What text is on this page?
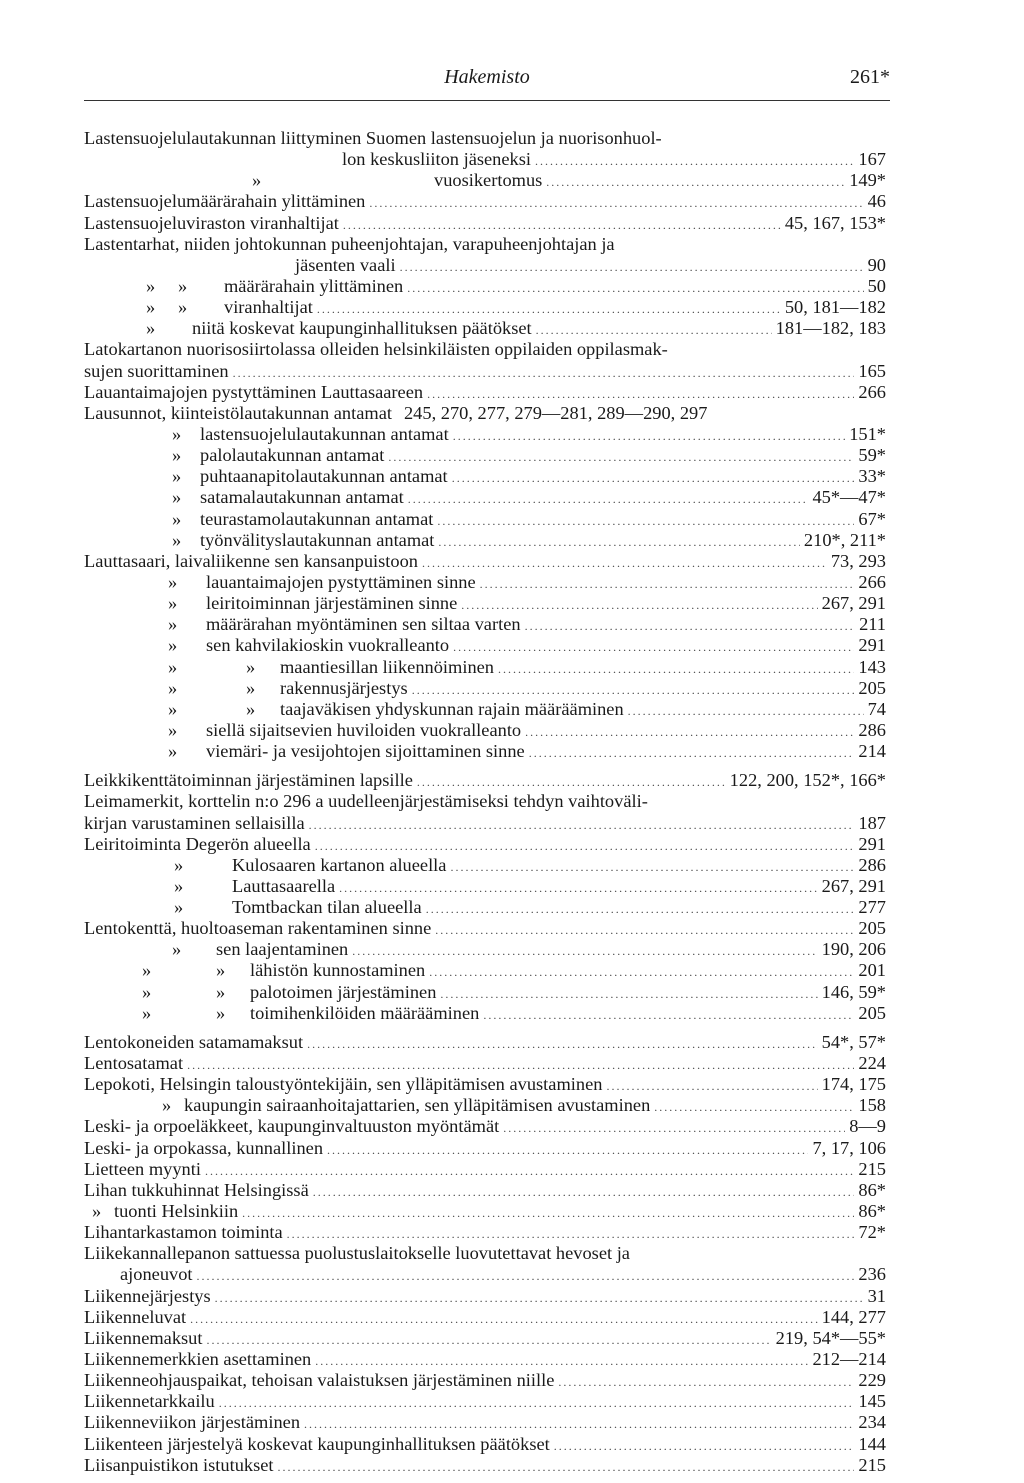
Hakemisto	261*
Lastensuojelulautakunnan liittyminen Suomen lastensuojelun ja nuorisonhuol-
lon keskusliiton jäseneksi .....	167
»	vuosikertomus .....	149*
Lastensuojelumäärärahain ylittäminen .....	46
Lastensuojeluviraston viranhaltijat .....	45, 167, 153*
Lastentarhat, niiden johtokunnan puheenjohtajan, varapuheenjohtajan ja
jäsenten vaali .....	90
»	»	määrärahain ylittäminen .....	50
»	»	viranhaltijat .....	50, 181—182
»	niitä koskevat kaupunginhallituksen päätökset .....	181—182, 183
Latokartanon nuorisosiirtolassa olleiden helsinkiläisten oppilaiden oppilasmak-
sujen suorittaminen .....	165
Lauantaimajojen pystyttäminen Lauttasaareen .....	266
Lausunnot, kiinteistölautakunnan antamat 245, 270, 277, 279—281, 289—290, 297
»	lastensuojelulautakunnan antamat .....	151*
»	palolautakunnan antamat .....	59*
»	puhtaanapitolautakunnan antamat .....	33*
»	satamalautakunnan antamat .....	45*—47*
»	teurastamolautakunnan antamat .....	67*
»	työnvälityslautakunnan antamat .....	210*, 211*
Lauttasaari, laivaliikenne sen kansanpuistoon .....	73, 293
»	lauantaimajojen pystyttäminen sinne .....	266
»	leiritoiminnan järjestäminen sinne .....	267, 291
»	määrärahan myöntäminen sen siltaa varten .....	211
»	sen kahvilakioskin vuokralleanto .....	291
»	»	maantiesillan liikennöiminen .....	143
»	»	rakennusjärjestys .....	205
»	»	taajaväkisen yhdyskunnan rajain määrääminen .....	74
»	siellä sijaitsevien huviloiden vuokralleanto .....	286
»	viemäri- ja vesijohtojen sijoittaminen sinne .....	214
Leikkikenttätoiminnan järjestäminen lapsille .....	122, 200, 152*, 166*
Leimamerkit, korttelin n:o 296 a uudelleenjärjestämiseksi tehdyn vaihtoväli-
kirjan varustaminen sellaisilla .....	187
Leiritoiminta Degerön alueella .....	291
»	Kulosaaren kartanon alueella .....	286
»	Lauttasaarella .....	267, 291
»	Tomtbackan tilan alueella .....	277
Lentokenttä, huoltoaseman rakentaminen sinne .....	205
»	sen laajentaminen .....	190, 206
»	»	lähistön kunnostaminen .....	201
»	»	palotoimen järjestäminen .....	146, 59*
»	»	toimihenkilöiden määrääminen .....	205
Lentokoneiden satamamaksut .....	54*, 57*
Lentosatamat .....	224
Lepokoti, Helsingin taloustyöntekijäin, sen ylläpitämisen avustaminen .....	174, 175
» kaupungin sairaanhoitajattarien, sen ylläpitämisen avustaminen .....	158
Leski- ja orpoeläkkeet, kaupunginvaltuuston myöntämät .....	8—9
Leski- ja orpokassa, kunnallinen .....	7, 17, 106
Lietteen myynti .....	215
Lihan tukkuhinnat Helsingissä .....	86*
» tuonti Helsinkiin .....	86*
Lihantarkastamon toiminta .....	72*
Liikekannallepanon sattuessa puolustuslaitokselle luovutettavat hevoset ja
ajoneuvot .....	236
Liikennejärjestys .....	31
Liikenneluvat .....	144, 277
Liikennemaksut .....	219, 54*—55*
Liikennemerkkien asettaminen .....	212—214
Liikenneohjauspaikat, tehoisan valaistuksen järjestäminen niille .....	229
Liikennetarkkailu .....	145
Liikenneviikon järjestäminen .....	234
Liikenteen järjestelyä koskevat kaupunginhallituksen päätökset .....	144
Liisanpuistikon istutukset .....	215
